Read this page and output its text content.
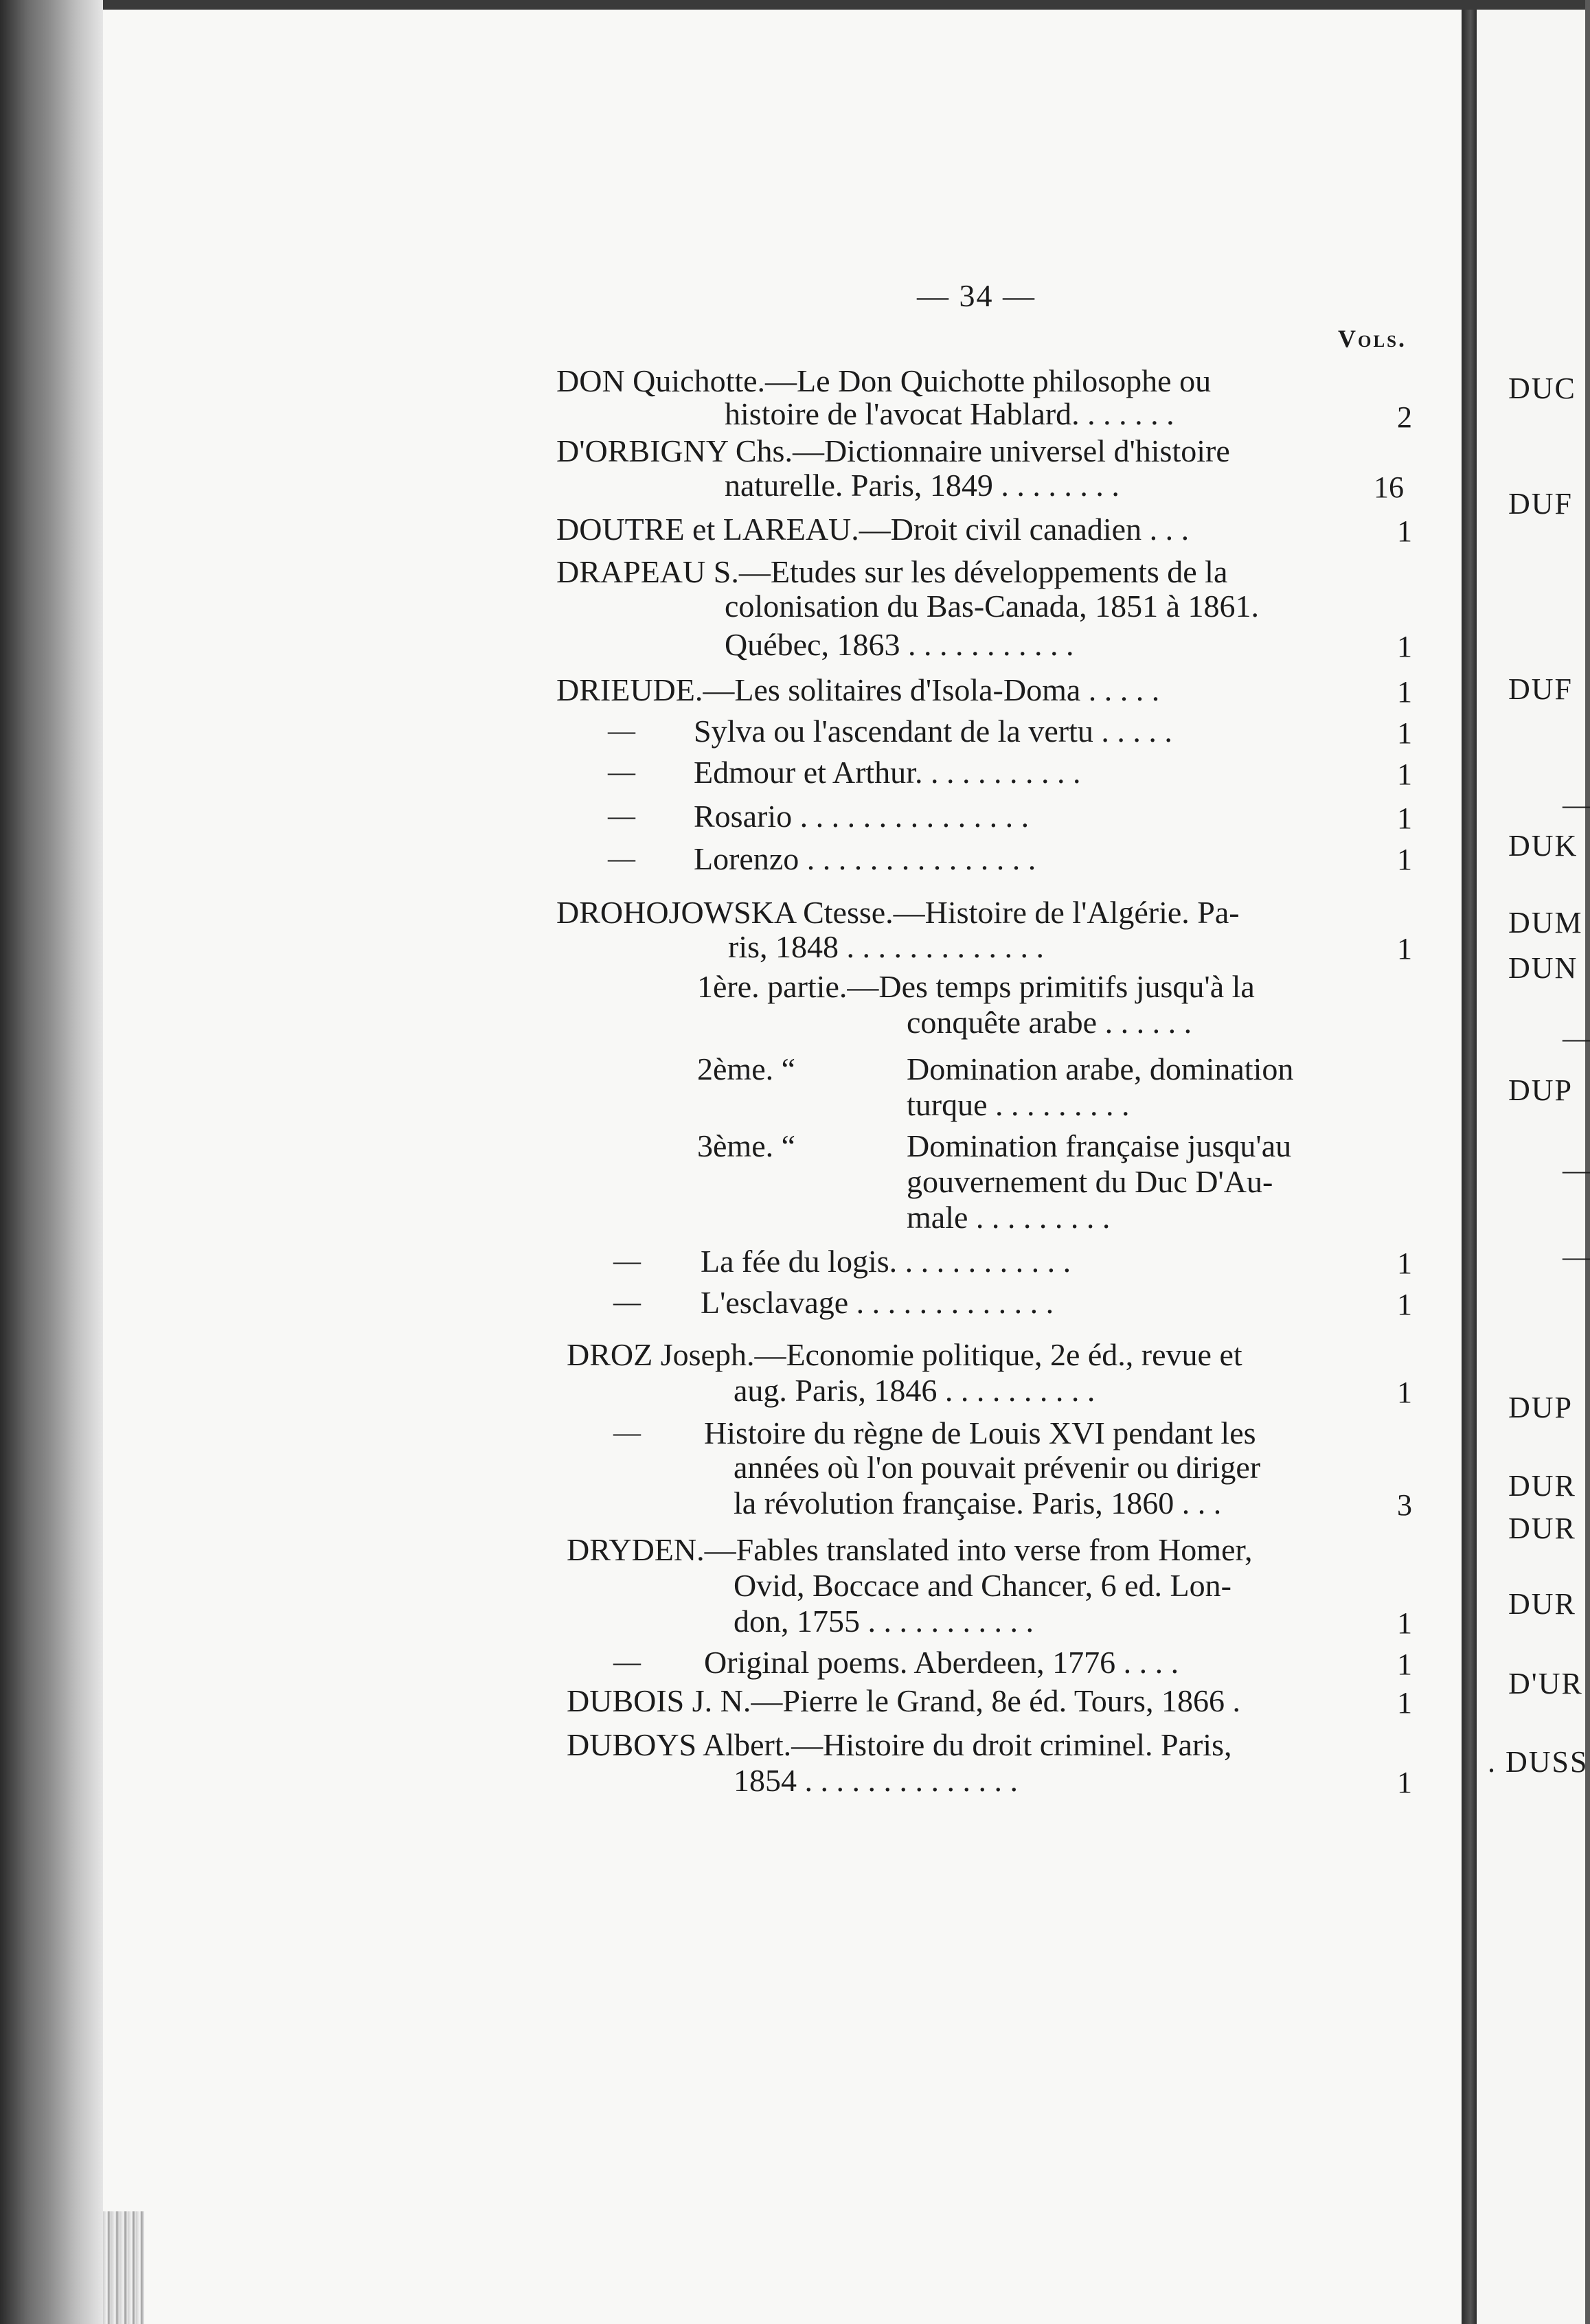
— 34 —
Vols.
DON Quichotte.—Le Don Quichotte philosophe ou
histoire de l'avocat Hablard. . . . . . .
D'ORBIGNY Chs.—Dictionnaire universel d'histoire
naturelle. Paris, 1849 . . . . . . . .
DOUTRE et LAREAU.—Droit civil canadien . . .
DRAPEAU S.—Etudes sur les développements de la
colonisation du Bas-Canada, 1851 à 1861.
Québec, 1863 . . . . . . . . . . .
DRIEUDE.—Les solitaires d'Isola-Doma . . . . .
Sylva ou l'ascendant de la vertu . . . . .
Edmour et Arthur. . . . . . . . . . .
Rosario . . . . . . . . . . . . . . .
Lorenzo . . . . . . . . . . . . . . .
DROHOJOWSKA Ctesse.—Histoire de l'Algérie. Pa-
ris, 1848 . . . . . . . . . . . . .
1ère. partie.—Des temps primitifs jusqu'à la
conquête arabe . . . . . .
2ème. “	Domination arabe, domination
turque . . . . . . . . .
3ème. “	Domination française jusqu'au
gouvernement du Duc D'Au-
male . . . . . . . . .
La fée du logis. . . . . . . . . . . .
L'esclavage . . . . . . . . . . . . .
DROZ Joseph.—Economie politique, 2e éd., revue et
aug. Paris, 1846 . . . . . . . . . .
Histoire du règne de Louis XVI pendant les
années où l'on pouvait prévenir ou diriger
la révolution française. Paris, 1860 . . .
DRYDEN.—Fables translated into verse from Homer,
Ovid, Boccace and Chancer, 6 ed. Lon-
don, 1755 . . . . . . . . . . .
Original poems. Aberdeen, 1776 . . . .
DUBOIS J. N.—Pierre le Grand, 8e éd. Tours, 1866 .
DUBOYS Albert.—Histoire du droit criminel. Paris,
1854 . . . . . . . . . . . . . .
2
16
1
1
1
1
1
1
1
1
1
1
1
3
1
1
1
1
—
—
—
—
—
—
—
—
DUC
DUF
DUF
DUK
DUM
DUN
DUP
DUP
DUR
DUR
DUR
D'UR
. DUSS
—
—
—
—
